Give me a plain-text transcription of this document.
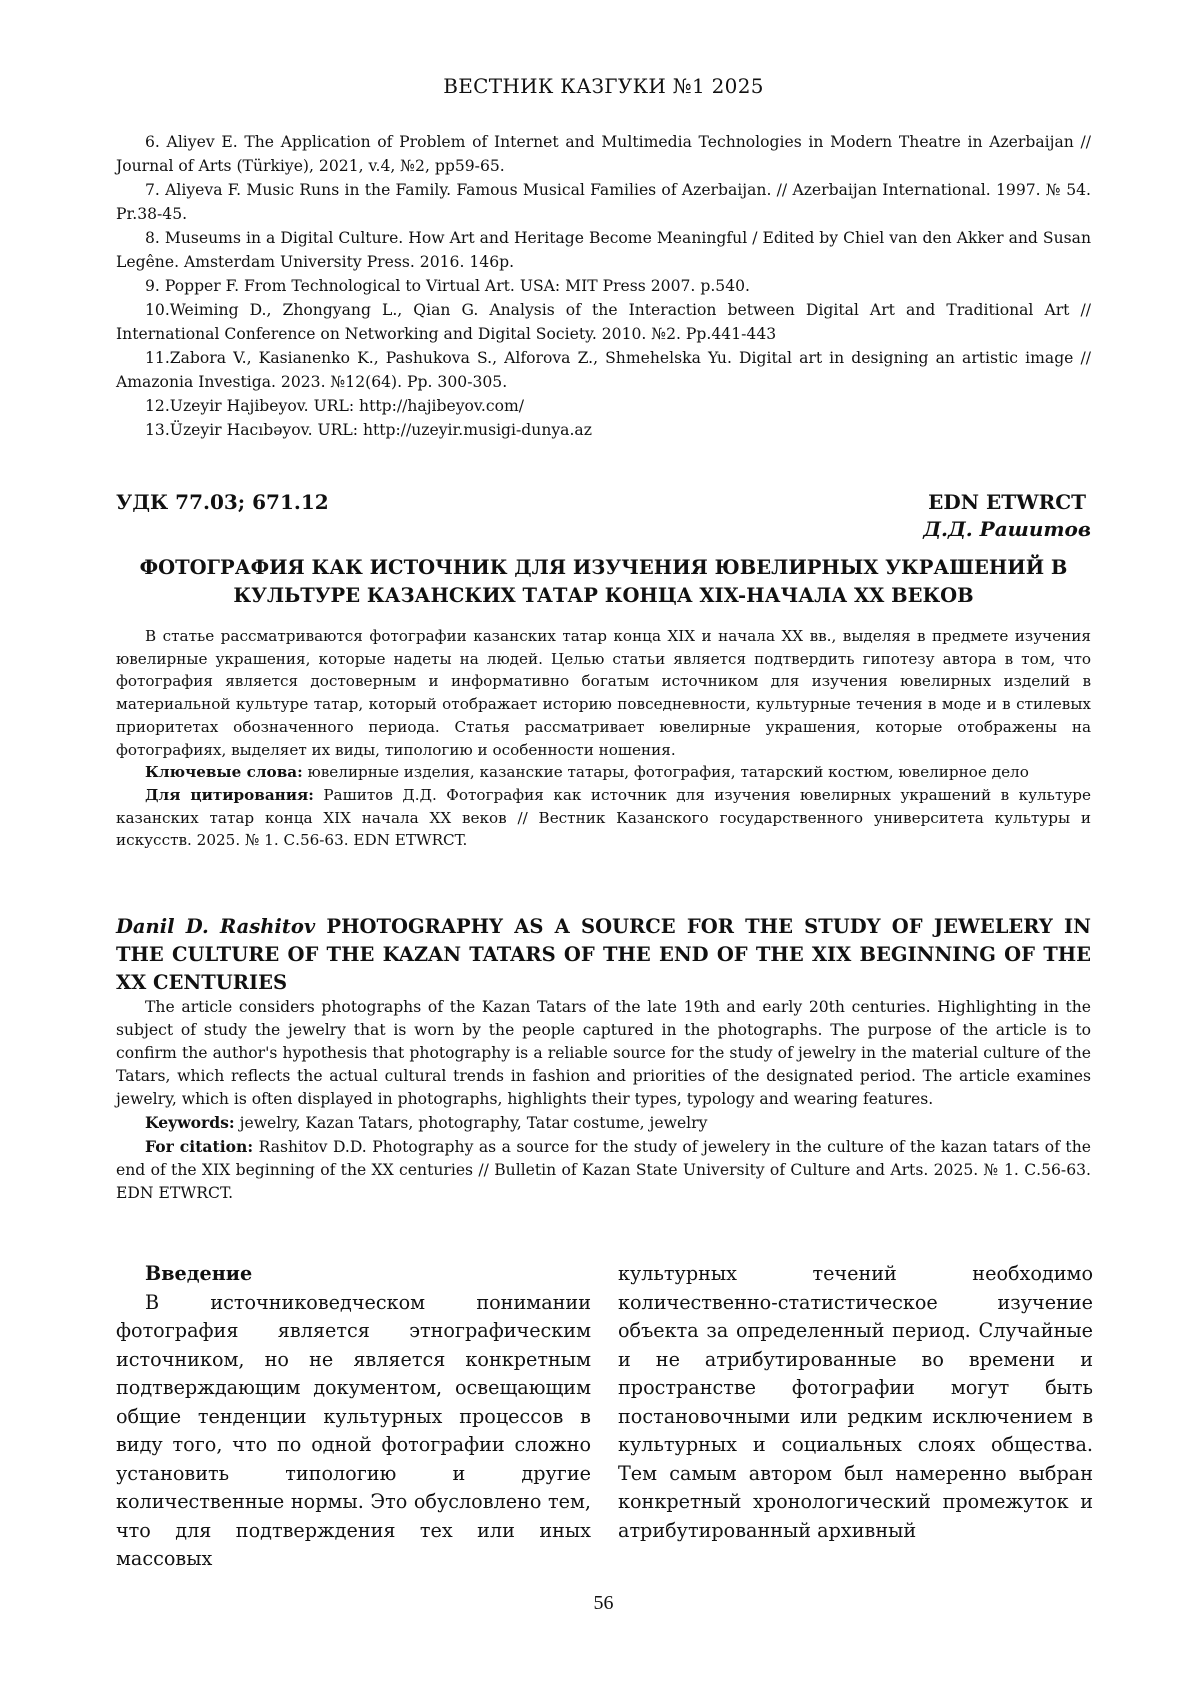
ВЕСТНИК КАЗГУКИ №1 2025

6. Aliyev E. The Application of Problem of Internet and Multimedia Technologies in Modern Theatre in Azerbaijan // Journal of Arts (Türkiye), 2021, v.4, №2, pp59-65.

7. Aliyeva F. Music Runs in the Family. Famous Musical Families of Azerbaijan. // Azerbaijan International. 1997. № 54. Pr.38-45.

8. Museums in a Digital Culture. How Art and Heritage Become Meaningful / Edited by Chiel van den Akker and Susan Legêne. Amsterdam University Press. 2016. 146p.

9. Popper F. From Technological to Virtual Art. USA: MIT Press 2007. p.540.

10.Weiming D., Zhongyang L., Qian G. Analysis of the Interaction between Digital Art and Traditional Art // International Conference on Networking and Digital Society. 2010. №2. Pp.441-443

11.Zabora V., Kasianenko K., Pashukova S., Alforova Z., Shmehelska Yu. Digital art in designing an artistic image // Amazonia Investiga. 2023. №12(64). Pp. 300-305.

12.Uzeyir Hajibeyov. URL: http://hajibeyov.com/

13.Üzeyir Hacıbəyov. URL: http://uzeyir.musigi-dunya.az

УДК 77.03; 671.12	EDN ETWRCT
Д.Д. Рашитов
ФОТОГРАФИЯ КАК ИСТОЧНИК ДЛЯ ИЗУЧЕНИЯ ЮВЕЛИРНЫХ УКРАШЕНИЙ В КУЛЬТУРЕ КАЗАНСКИХ ТАТАР КОНЦА XIX-НАЧАЛА XX ВЕКОВ

В статье рассматриваются фотографии казанских татар конца XIX и начала XX вв., выделяя в предмете изучения ювелирные украшения, которые надеты на людей. Целью статьи является подтвердить гипотезу автора в том, что фотография является достоверным и информативно богатым источником для изучения ювелирных изделий в материальной культуре татар, который отображает историю повседневности, культурные течения в моде и в стилевых приоритетах обозначенного периода. Статья рассматривает ювелирные украшения, которые отображены на фотографиях, выделяет их виды, типологию и особенности ношения.

Ключевые слова: ювелирные изделия, казанские татары, фотография, татарский костюм, ювелирное дело

Для цитирования: Рашитов Д.Д. Фотография как источник для изучения ювелирных украшений в культуре казанских татар конца XIX начала XX веков // Вестник Казанского государственного университета культуры и искусств. 2025. № 1. С.56-63. EDN ETWRCT.

Danil D. Rashitov PHOTOGRAPHY AS A SOURCE FOR THE STUDY OF JEWELERY IN THE CULTURE OF THE KAZAN TATARS OF THE END OF THE XIX BEGINNING OF THE XX CENTURIES

The article considers photographs of the Kazan Tatars of the late 19th and early 20th centuries. Highlighting in the subject of study the jewelry that is worn by the people captured in the photographs. The purpose of the article is to confirm the author's hypothesis that photography is a reliable source for the study of jewelry in the material culture of the Tatars, which reflects the actual cultural trends in fashion and priorities of the designated period. The article examines jewelry, which is often displayed in photographs, highlights their types, typology and wearing features.

Keywords: jewelry, Kazan Tatars, photography, Tatar costume, jewelry

For citation: Rashitov D.D. Photography as a source for the study of jewelery in the culture of the kazan tatars of the end of the XIX beginning of the XX centuries // Bulletin of Kazan State University of Culture and Arts. 2025. № 1. С.56-63. EDN ETWRCT.

Введение

В источниковедческом понимании фотография является этнографическим источником, но не является конкретным подтверждающим документом, освещающим общие тенденции культурных процессов в виду того, что по одной фотографии сложно установить типологию и другие количественные нормы. Это обусловлено тем, что для подтверждения тех или иных массовых

культурных течений необходимо количественно-статистическое изучение объекта за определенный период. Случайные и не атрибутированные во времени и пространстве фотографии могут быть постановочными или редким исключением в культурных и социальных слоях общества. Тем самым автором был намеренно выбран конкретный хронологический промежуток и атрибутированный архивный

56
